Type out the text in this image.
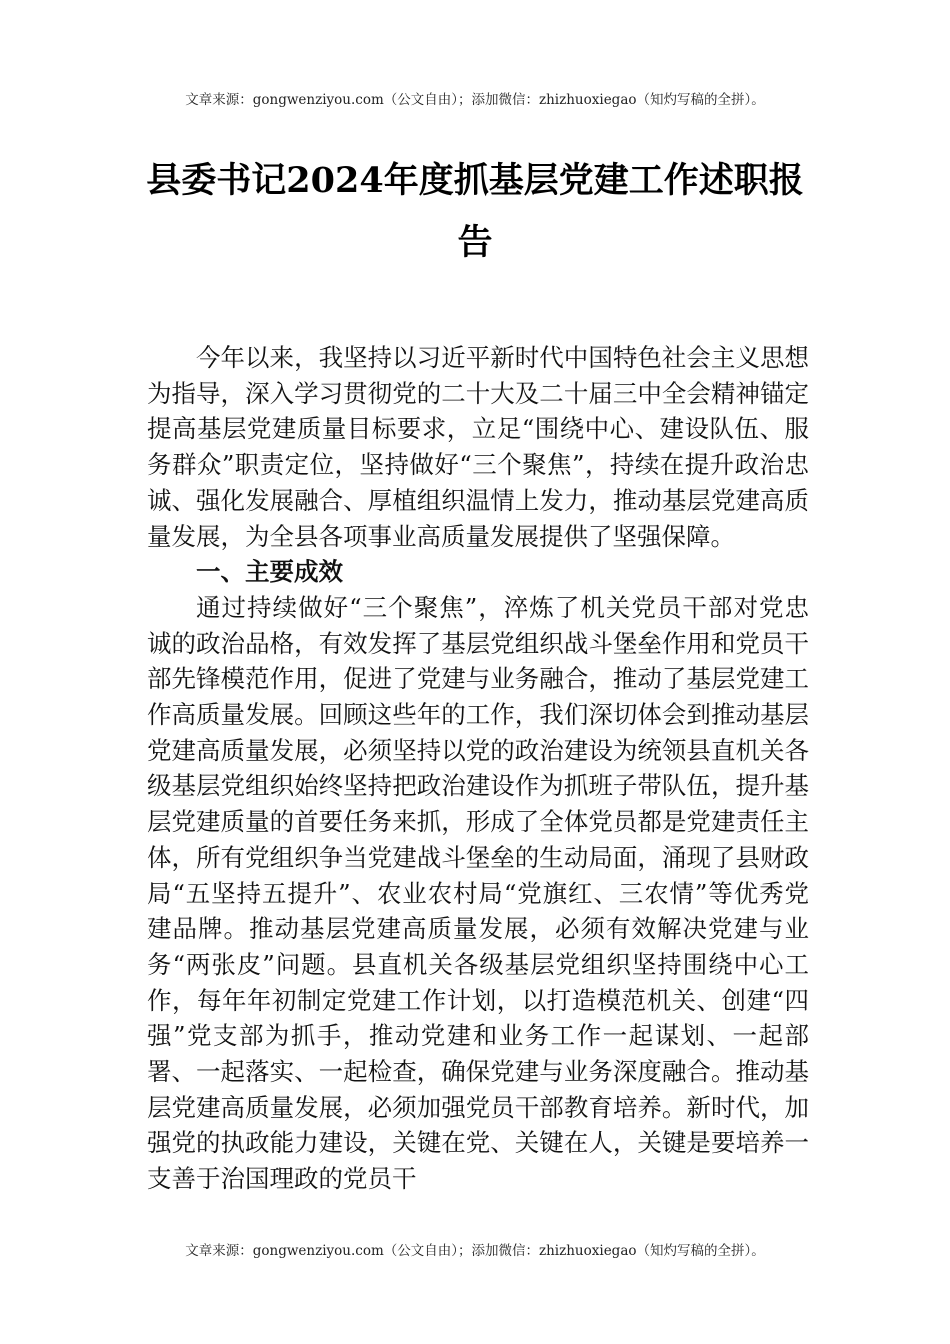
文章来源：gongwenziyou.com（公文自由）；添加微信：zhizhuoxiegao（知灼写稿的全拼）。
县委书记2024年度抓基层党建工作述职报告

今年以来，我坚持以习近平新时代中国特色社会主义思想为指导，深入学习贯彻党的二十大及二十届三中全会精神锚定提高基层党建质量目标要求，立足“围绕中心、建设队伍、服务群众”职责定位，坚持做好“三个聚焦”，持续在提升政治忠诚、强化发展融合、厚植组织温情上发力，推动基层党建高质量发展，为全县各项事业高质量发展提供了坚强保障。

一、主要成效

通过持续做好“三个聚焦”，淬炼了机关党员干部对党忠诚的政治品格，有效发挥了基层党组织战斗堡垒作用和党员干部先锋模范作用，促进了党建与业务融合，推动了基层党建工作高质量发展。回顾这些年的工作，我们深切体会到推动基层党建高质量发展，必须坚持以党的政治建设为统领县直机关各级基层党组织始终坚持把政治建设作为抓班子带队伍，提升基层党建质量的首要任务来抓，形成了全体党员都是党建责任主体，所有党组织争当党建战斗堡垒的生动局面，涌现了县财政局“五坚持五提升”、农业农村局“党旗红、三农情”等优秀党建品牌。推动基层党建高质量发展，必须有效解决党建与业务“两张皮”问题。县直机关各级基层党组织坚持围绕中心工作，每年年初制定党建工作计划，以打造模范机关、创建“四强”党支部为抓手，推动党建和业务工作一起谋划、一起部署、一起落实、一起检查，确保党建与业务深度融合。推动基层党建高质量发展，必须加强党员干部教育培养。新时代，加强党的执政能力建设，关键在党、关键在人，关键是要培养一支善于治国理政的党员干

文章来源：gongwenziyou.com（公文自由）；添加微信：zhizhuoxiegao（知灼写稿的全拼）。
